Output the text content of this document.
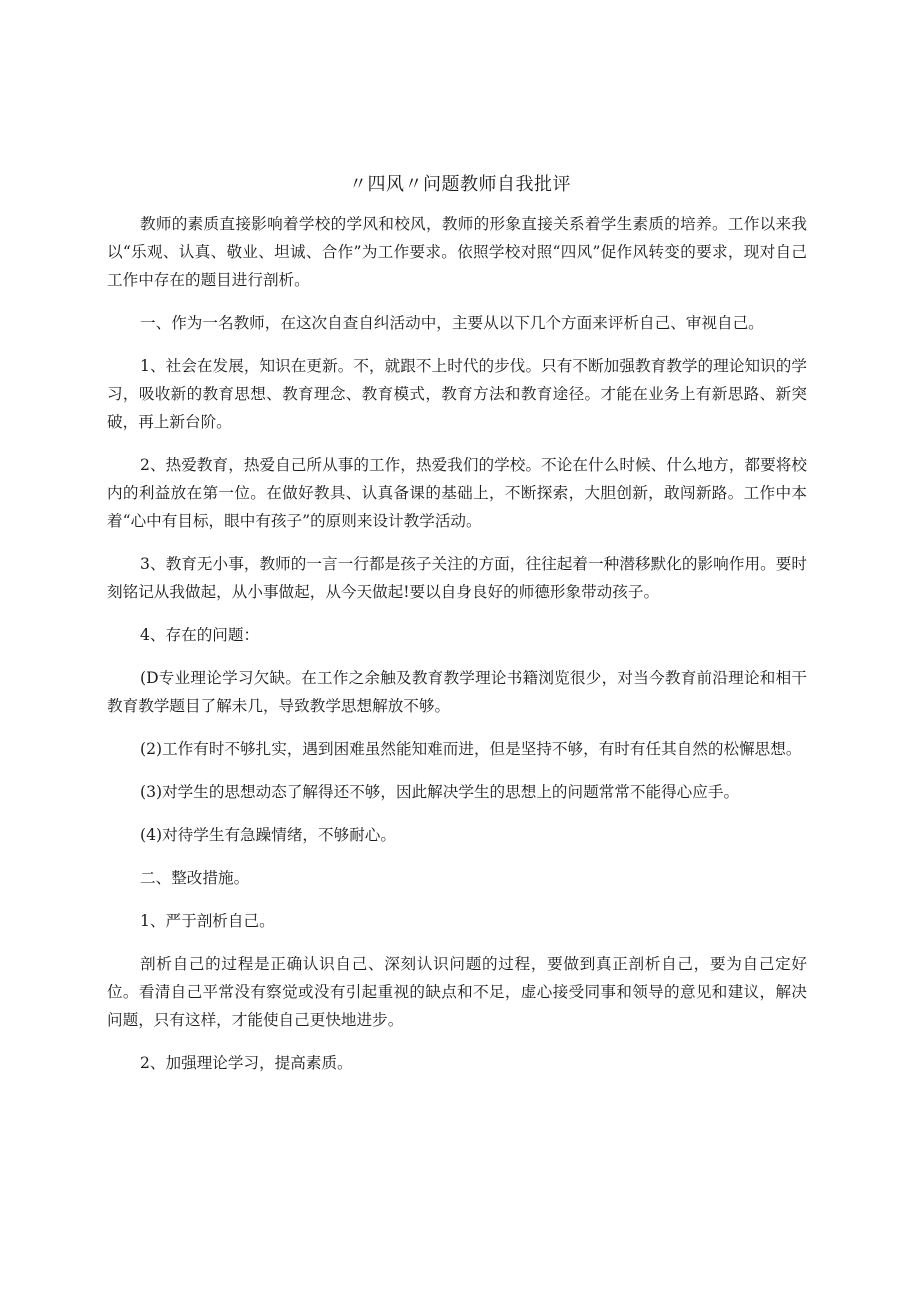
〃四风〃问题教师自我批评

教师的素质直接影响着学校的学风和校风，教师的形象直接关系着学生素质的培养。工作以来我以“乐观、认真、敬业、坦诚、合作”为工作要求。依照学校对照“四风”促作风转变的要求，现对自己工作中存在的题目进行剖析。

一、作为一名教师，在这次自查自纠活动中，主要从以下几个方面来评析自己、审视自己。

1、社会在发展，知识在更新。不，就跟不上时代的步伐。只有不断加强教育教学的理论知识的学习，吸收新的教育思想、教育理念、教育模式，教育方法和教育途径。才能在业务上有新思路、新突破，再上新台阶。

2、热爱教育，热爱自己所从事的工作，热爱我们的学校。不论在什么时候、什么地方，都要将校内的利益放在第一位。在做好教具、认真备课的基础上，不断探索，大胆创新，敢闯新路。工作中本着“心中有目标，眼中有孩子”的原则来设计教学活动。

3、教育无小事，教师的一言一行都是孩子关注的方面，往往起着一种潜移默化的影响作用。要时刻铭记从我做起，从小事做起，从今天做起!要以自身良好的师德形象带动孩子。

4、存在的问题：

(D专业理论学习欠缺。在工作之余触及教育教学理论书籍浏览很少，对当今教育前沿理论和相干教育教学题目了解未几，导致教学思想解放不够。

(2)工作有时不够扎实，遇到困难虽然能知难而进，但是坚持不够，有时有任其自然的松懈思想。

(3)对学生的思想动态了解得还不够，因此解决学生的思想上的问题常常不能得心应手。

(4)对待学生有急躁情绪，不够耐心。

二、整改措施。

1、严于剖析自己。

剖析自己的过程是正确认识自己、深刻认识问题的过程，要做到真正剖析自己，要为自己定好位。看清自己平常没有察觉或没有引起重视的缺点和不足，虚心接受同事和领导的意见和建议，解决问题，只有这样，才能使自己更快地进步。

2、加强理论学习，提高素质。
